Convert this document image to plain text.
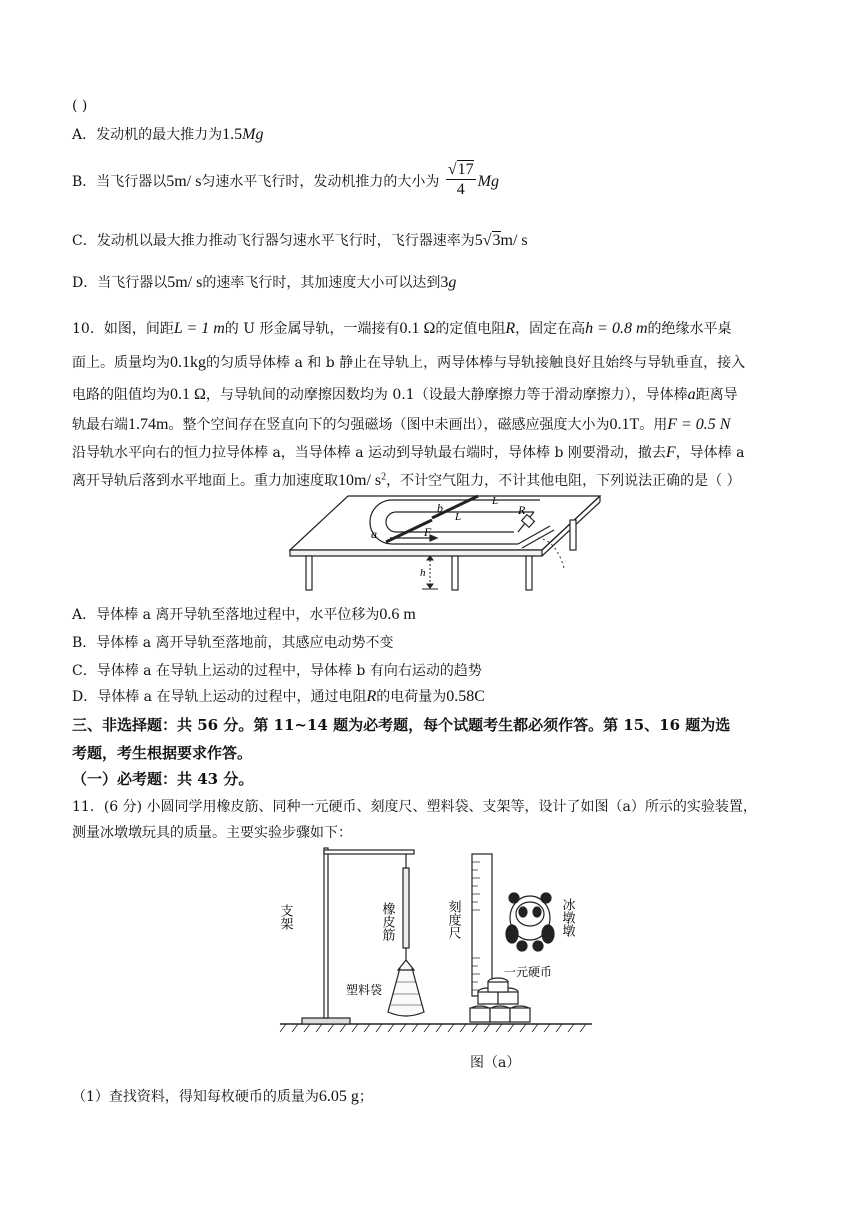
( )
A．发动机的最大推力为1.5Mg
B．当飞行器以5m/ s匀速水平飞行时，发动机推力的大小为 $\frac{√17}{4}$ Mg
C．发动机以最大推力推动飞行器匀速水平飞行时，飞行器速率为5√3m/ s
D．当飞行器以5m/ s的速率飞行时，其加速度大小可以达到3g
10．如图，间距L = 1 m的 U 形金属导轨，一端接有0.1 Ω的定值电阻R，固定在高h = 0.8 m的绝缘水平桌
面上。质量均为0.1kg的匀质导体棒 a 和 b 静止在导轨上，两导体棒与导轨接触良好且始终与导轨垂直，接入
电路的阻值均为0.1 Ω，与导轨间的动摩擦因数均为 0.1（设最大静摩擦力等于滑动摩擦力），导体棒a距离导
轨最右端1.74m。整个空间存在竖直向下的匀强磁场（图中未画出），磁感应强度大小为0.1T。用F = 0.5 N
沿导轨水平向右的恒力拉导体棒 a，当导体棒 a 运动到导轨最右端时，导体棒 b 刚要滑动，撤去F，导体棒 a
离开导轨后落到水平地面上。重力加速度取10m/ $s^2$，不计空气阻力，不计其他电阻，下列说法正确的是（ ）
a
b
F
L
L
R
h
A．导体棒 a 离开导轨至落地过程中，水平位移为0.6 m
B．导体棒 a 离开导轨至落地前，其感应电动势不变
C．导体棒 a 在导轨上运动的过程中，导体棒 b 有向右运动的趋势
D．导体棒 a 在导轨上运动的过程中，通过电阻R的电荷量为0.58C
三、非选择题：共 56 分。第 11~14 题为必考题，每个试题考生都必须作答。第 15、16 题为选
考题，考生根据要求作答。
（一）必考题：共 43 分。
11．(6 分) 小圆同学用橡皮筋、同种一元硬币、刻度尺、塑料袋、支架等，设计了如图（a）所示的实验装置，
测量冰墩墩玩具的质量。主要实验步骤如下：
支架	橡皮筋	刻度尺	冰墩墩
塑料袋
一元硬币
图（a）
（1）查找资料，得知每枚硬币的质量为6.05 g；
